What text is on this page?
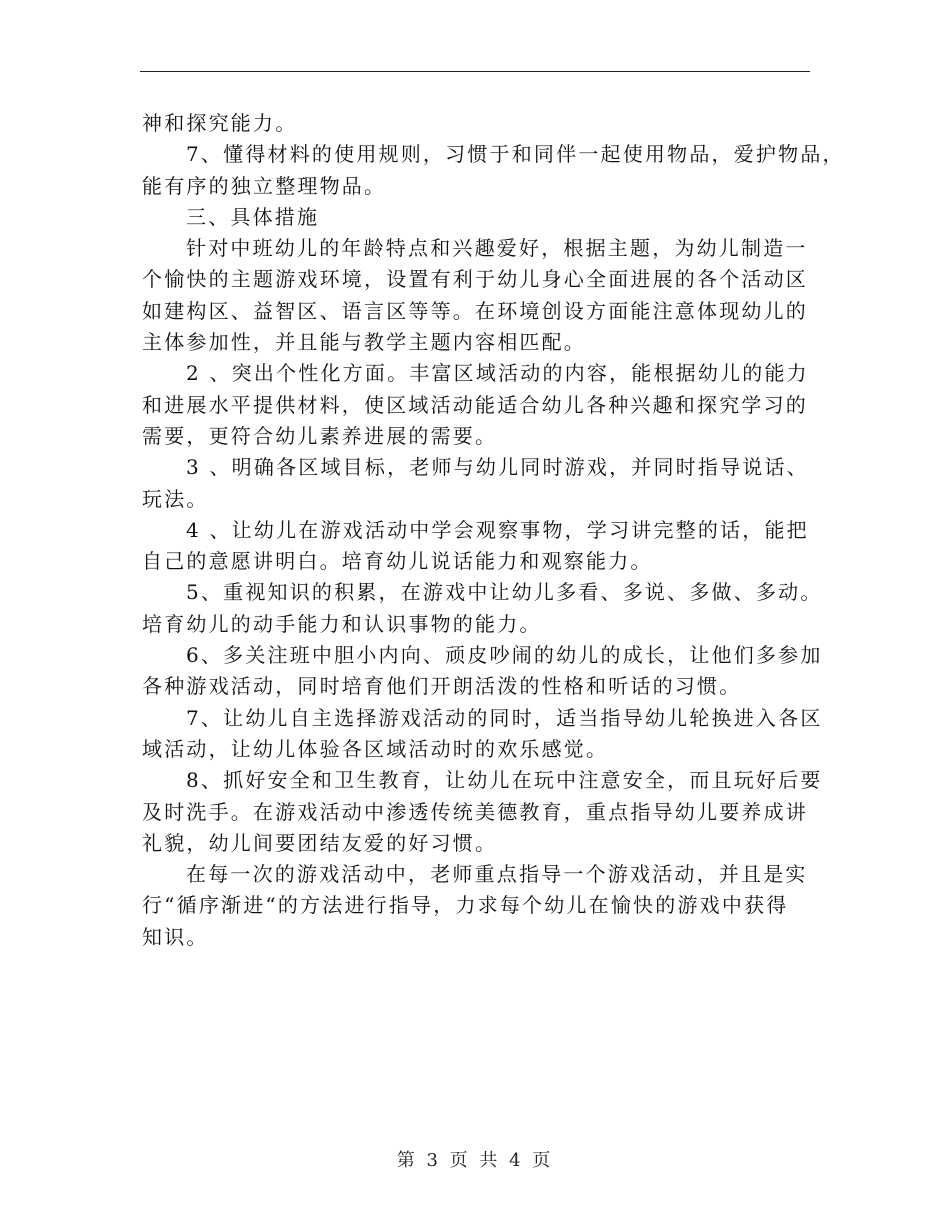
神和探究能力。
7、懂得材料的使用规则，习惯于和同伴一起使用物品，爱护物品，
能有序的独立整理物品。
三、具体措施
针对中班幼儿的年龄特点和兴趣爱好，根据主题，为幼儿制造一
个愉快的主题游戏环境，设置有利于幼儿身心全面进展的各个活动区
如建构区、益智区、语言区等等。在环境创设方面能注意体现幼儿的
主体参加性，并且能与教学主题内容相匹配。
2 、突出个性化方面。丰富区域活动的内容，能根据幼儿的能力
和进展水平提供材料，使区域活动能适合幼儿各种兴趣和探究学习的
需要，更符合幼儿素养进展的需要。
3 、明确各区域目标，老师与幼儿同时游戏，并同时指导说话、
玩法。
4 、让幼儿在游戏活动中学会观察事物，学习讲完整的话，能把
自己的意愿讲明白。培育幼儿说话能力和观察能力。
5、重视知识的积累，在游戏中让幼儿多看、多说、多做、多动。
培育幼儿的动手能力和认识事物的能力。
6、多关注班中胆小内向、顽皮吵闹的幼儿的成长，让他们多参加
各种游戏活动，同时培育他们开朗活泼的性格和听话的习惯。
7、让幼儿自主选择游戏活动的同时，适当指导幼儿轮换进入各区
域活动，让幼儿体验各区域活动时的欢乐感觉。
8、抓好安全和卫生教育，让幼儿在玩中注意安全，而且玩好后要
及时洗手。在游戏活动中渗透传统美德教育，重点指导幼儿要养成讲
礼貌，幼儿间要团结友爱的好习惯。
在每一次的游戏活动中，老师重点指导一个游戏活动，并且是实
行“循序渐进“的方法进行指导，力求每个幼儿在愉快的游戏中获得
知识。
第 3 页 共 4 页
